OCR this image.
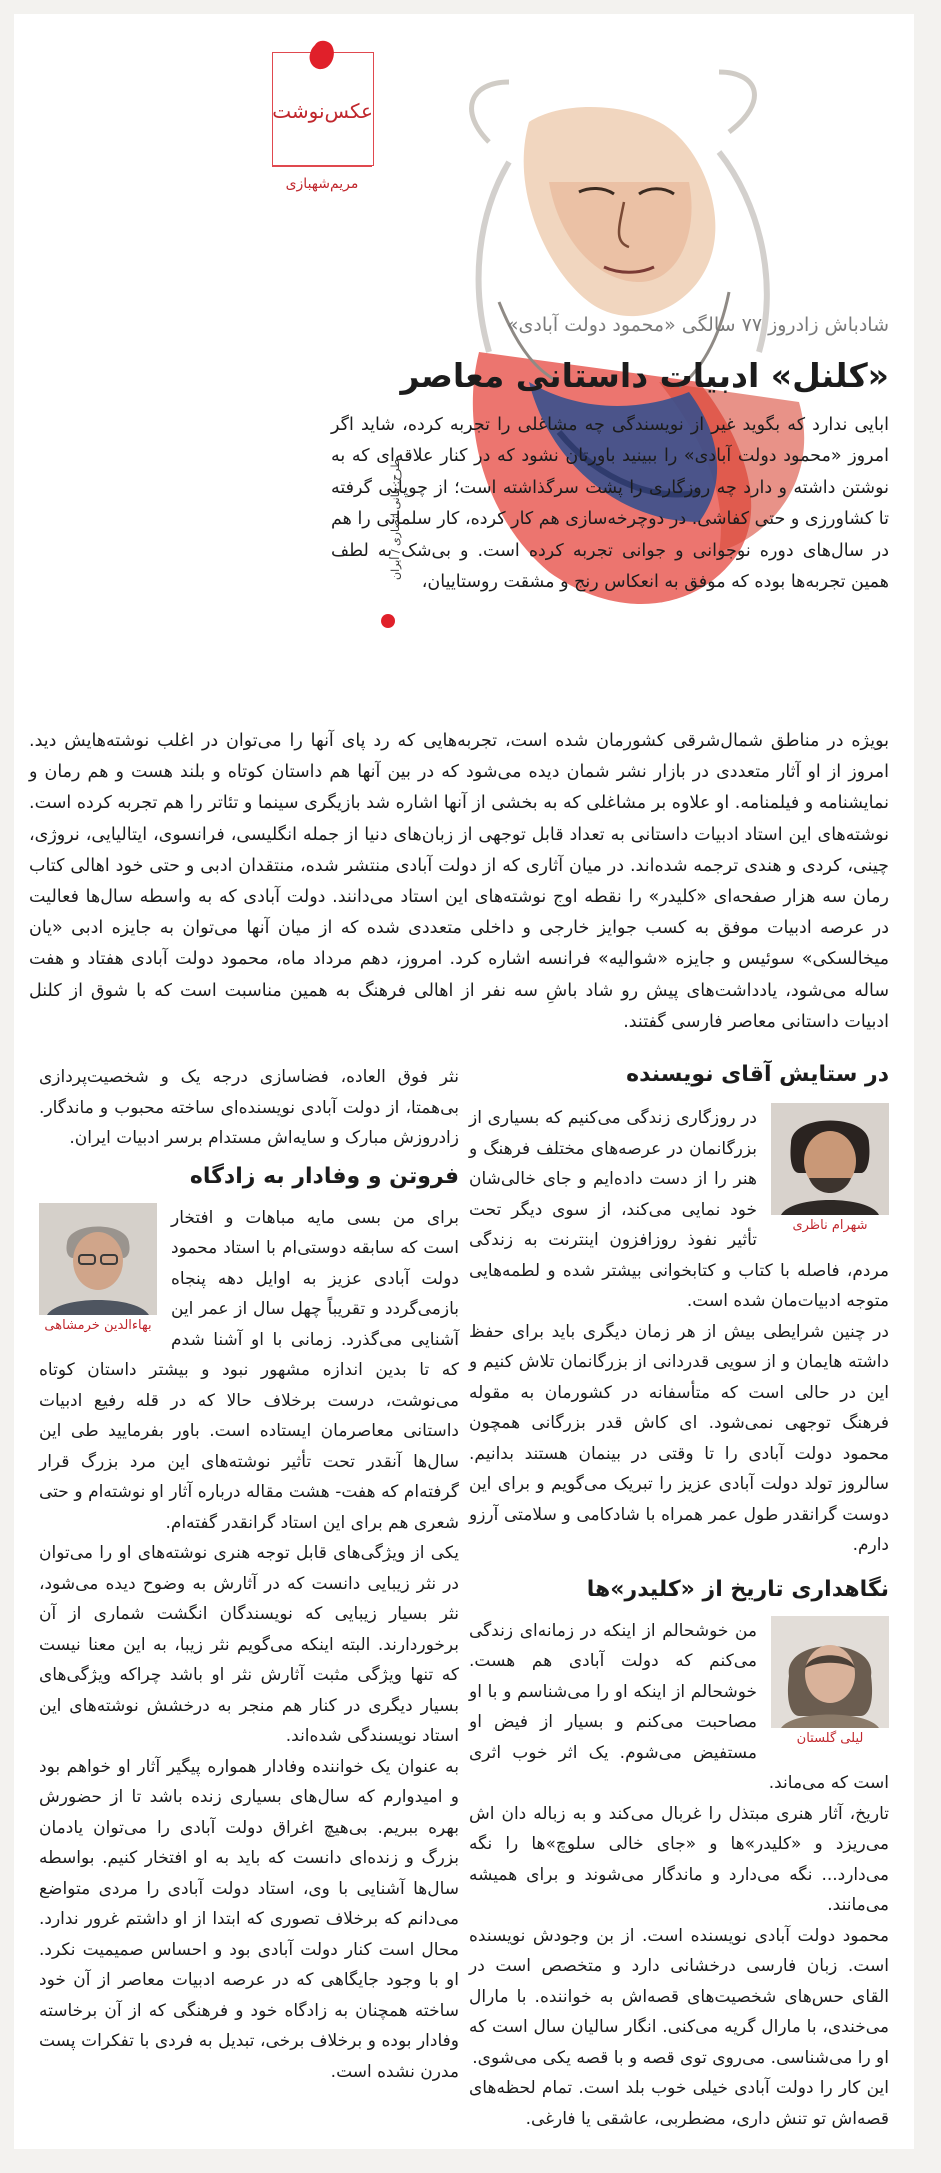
عکس‌نوشت
مریم‌شهبازی
طرح: هانی انصاری / ایران
شادباش زادروز ۷۷ سالگی «محمود دولت آبادی»
«کلنل» ادبیات داستانی معاصر
ابایی ندارد که بگوید غیر از نویسندگی چه مشاغلی را تجربه کرده، شاید اگر امروز «محمود دولت آبادی» را ببینید باورتان نشود که در کنار علاقه‌ای که به نوشتن داشته و دارد چه روزگاری را پشت سرگذاشته است؛ از چوپانی گرفته تا کشاورزی و حتی کفاشی. در دوچرخه‌سازی هم کار کرده، کار سلمانی را هم در سال‌های دوره نوجوانی و جوانی تجربه کرده است. و بی‌شک به لطف همین تجربه‌ها بوده که موفق به انعکاس رنج و مشقت روستاییان،
بویژه در مناطق شمال‌شرقی کشورمان شده است، تجربه‌هایی که رد پای آنها را می‌توان در اغلب نوشته‌هایش دید. امروز از او آثار متعددی در بازار نشر شمان دیده می‌شود که در بین آنها هم داستان کوتاه و بلند هست و هم رمان و نمایشنامه و فیلمنامه. او علاوه بر مشاغلی که به بخشی از آنها اشاره شد بازیگری سینما و تئاتر را هم تجربه کرده است. نوشته‌های این استاد ادبیات داستانی به تعداد قابل توجهی از زبان‌های دنیا از جمله انگلیسی، فرانسوی، ایتالیایی، نروژی، چینی، کردی و هندی ترجمه شده‌اند. در میان آثاری که از دولت آبادی منتشر شده، منتقدان ادبی و حتی خود اهالی کتاب رمان سه هزار صفحه‌ای «کلیدر» را نقطه اوج نوشته‌های این استاد می‌دانند. دولت آبادی که به واسطه سال‌ها فعالیت در عرصه ادبیات موفق به کسب جوایز خارجی و داخلی متعددی شده که از میان آنها می‌توان به جایزه ادبی «یان میخالسکی» سوئیس و جایزه «شوالیه» فرانسه اشاره کرد. امروز، دهم مرداد ماه، محمود دولت آبادی هفتاد و هفت ساله می‌شود، یادداشت‌های پیش رو شاد باشِ سه نفر از اهالی فرهنگ به همین مناسبت است که با شوق از کلنل ادبیات داستانی معاصر فارسی گفتند.
در ستایش آقای نویسنده
شهرام ناظری
در روزگاری زندگی می‌کنیم که بسیاری از بزرگانمان در عرصه‌های مختلف فرهنگ و هنر را از دست داده‌ایم و جای خالی‌شان خود نمایی می‌کند، از سوی دیگر تحت تأثیر نفوذ روزافزون اینترنت به زندگی مردم، فاصله با کتاب و کتابخوانی بیشتر شده و لطمه‌هایی متوجه ادبیات‌مان شده است.
در چنین شرایطی بیش از هر زمان دیگری باید برای حفظ داشته هایمان و از سویی قدردانی از بزرگانمان تلاش کنیم و این در حالی است که متأسفانه در کشورمان به مقوله فرهنگ توجهی نمی‌شود. ای کاش قدر بزرگانی همچون محمود دولت آبادی را تا وقتی در بینمان هستند بدانیم. سالروز تولد دولت آبادی عزیز را تبریک می‌گویم و برای این دوست گرانقدر طول عمر همراه با شادکامی و سلامتی آرزو دارم.
نگاهداری تاریخ از «کلیدر»ها
لیلی گلستان
من خوشحالم از اینکه در زمانه‌ای زندگی می‌کنم که دولت آبادی هم هست. خوشحالم از اینکه او را می‌شناسم و با او مصاحبت می‌کنم و بسیار از فیض او مستفیض می‌شوم. یک اثر خوب اثری است که می‌ماند.
تاریخ، آثار هنری مبتذل را غربال می‌کند و به زباله دان اش می‌ریزد و «کلیدر»ها و «جای خالی سلوچ»ها را نگه می‌دارد... نگه می‌دارد و ماندگار می‌شوند و برای همیشه می‌مانند.
محمود دولت آبادی نویسنده است. از بن وجودش نویسنده است. زبان فارسی درخشانی دارد و متخصص است در القای حس‌های شخصیت‌های قصه‌اش به خواننده. با مارال می‌خندی، با مارال گریه می‌کنی. انگار سالیان سال است که او را می‌شناسی. می‌روی توی قصه و با قصه یکی می‌شوی.
این کار را دولت آبادی خیلی خوب بلد است. تمام لحظه‌های قصه‌اش تو تنش داری، مضطربی، عاشقی یا فارغی.
نثر فوق العاده، فضاسازی درجه یک و شخصیت‌پردازی بی‌همتا، از دولت آبادی نویسنده‌ای ساخته محبوب و ماندگار. زادروزش مبارک و سایه‌اش مستدام برسر ادبیات ایران.
فروتن و وفادار به زادگاه
بهاءالدین خرمشاهی
برای من بسی مایه مباهات و افتخار است که سابقه دوستی‌ام با استاد محمود دولت آبادی عزیز به اوایل دهه پنجاه بازمی‌گردد و تقریباً چهل سال از عمر این آشنایی می‌گذرد. زمانی با او آشنا شدم که تا بدین اندازه مشهور نبود و بیشتر داستان کوتاه می‌نوشت، درست برخلاف حالا که در قله رفیع ادبیات داستانی معاصرمان ایستاده است. باور بفرمایید طی این سال‌ها آنقدر تحت تأثیر نوشته‌های این مرد بزرگ قرار گرفته‌ام که هفت- هشت مقاله درباره آثار او نوشته‌ام و حتی شعری هم برای این استاد گرانقدر گفته‌ام.
یکی از ویژگی‌های قابل توجه هنری نوشته‌های او را می‌توان در نثر زیبایی دانست که در آثارش به وضوح دیده می‌شود، نثر بسیار زیبایی که نویسندگان انگشت شماری از آن برخوردارند. البته اینکه می‌گویم نثر زیبا، به این معنا نیست که تنها ویژگی مثبت آثارش نثر او باشد چراکه ویژگی‌های بسیار دیگری در کنار هم منجر به درخشش نوشته‌های این استاد نویسندگی شده‌اند.
به عنوان یک خواننده وفادار همواره پیگیر آثار او خواهم بود و امیدوارم که سال‌های بسیاری زنده باشد تا از حضورش بهره ببریم. بی‌هیچ اغراق دولت آبادی را می‌توان یادمان بزرگ و زنده‌ای دانست که باید به او افتخار کنیم. بواسطه سال‌ها آشنایی با وی، استاد دولت آبادی را مردی متواضع می‌دانم که برخلاف تصوری که ابتدا از او داشتم غرور ندارد. محال است کنار دولت آبادی بود و احساس صمیمیت نکرد. او با وجود جایگاهی که در عرصه ادبیات معاصر از آن خود ساخته همچنان به زادگاه خود و فرهنگی که از آن برخاسته وفادار بوده و برخلاف برخی، تبدیل به فردی با تفکرات پست مدرن نشده است.
